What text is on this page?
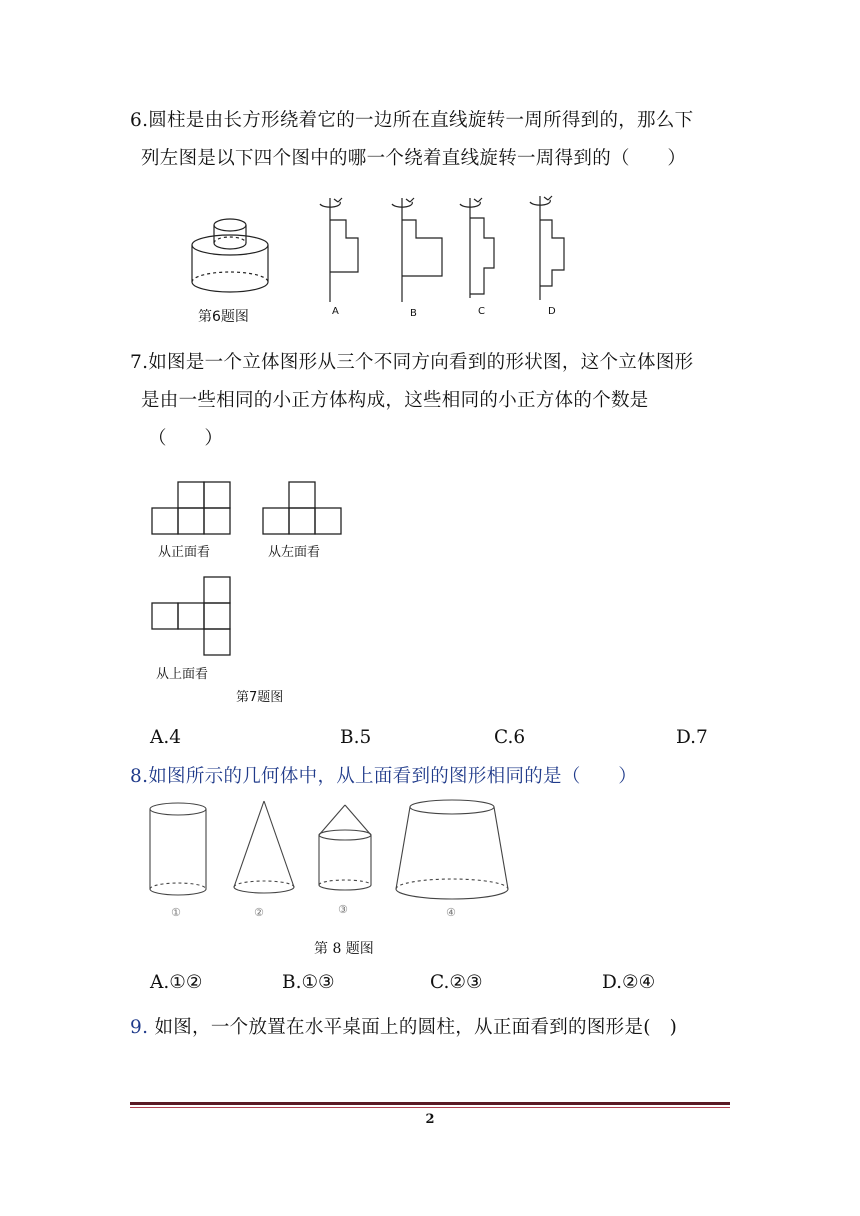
6.圆柱是由长方形绕着它的一边所在直线旋转一周所得到的，那么下
列左图是以下四个图中的哪一个绕着直线旋转一周得到的（　　）
第6题图	A	B	C	D
7.如图是一个立体图形从三个不同方向看到的形状图，这个立体图形
是由一些相同的小正方体构成，这些相同的小正方体的个数是
（　　）
从正面看	从左面看
从上面看
第7题图
A.4	B.5	C.6	D.7
8.如图所示的几何体中，从上面看到的图形相同的是（　　）
①	②	③	④
第 8 题图
A.①②	B.①③	C.②③	D.②④
9. 如图，一个放置在水平桌面上的圆柱，从正面看到的图形是(　)
2
